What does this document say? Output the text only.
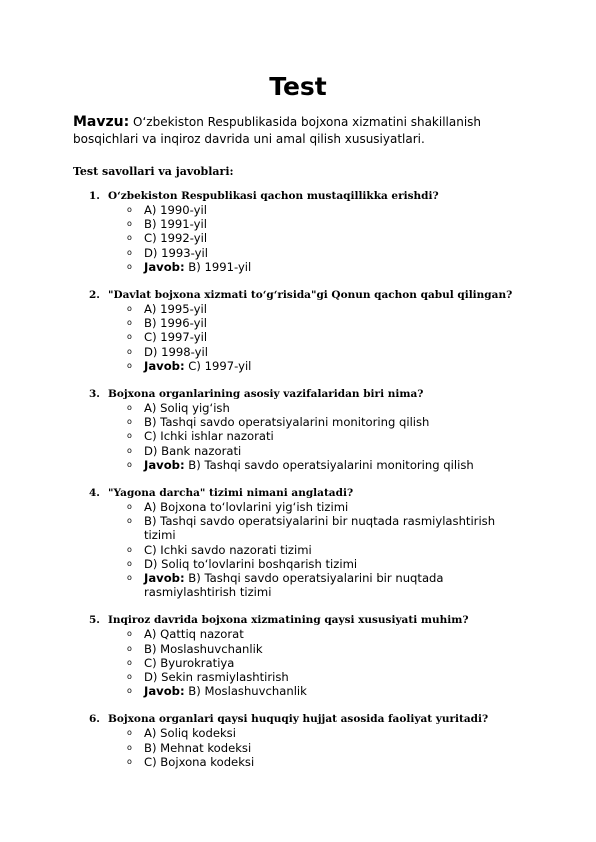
Test
Mavzu: O‘zbekiston Respublikasida bojxona xizmatini shakillanish bosqichlari va inqiroz davrida uni amal qilish xususiyatlari.
Test savollari va javoblari:
1. O‘zbekiston Respublikasi qachon mustaqillikka erishdi?
o A) 1990-yil
o B) 1991-yil
o C) 1992-yil
o D) 1993-yil
o Javob: B) 1991-yil
2. "Davlat bojxona xizmati to‘g‘risida"gi Qonun qachon qabul qilingan?
o A) 1995-yil
o B) 1996-yil
o C) 1997-yil
o D) 1998-yil
o Javob: C) 1997-yil
3. Bojxona organlarining asosiy vazifalaridan biri nima?
o A) Soliq yig‘ish
o B) Tashqi savdo operatsiyalarini monitoring qilish
o C) Ichki ishlar nazorati
o D) Bank nazorati
o Javob: B) Tashqi savdo operatsiyalarini monitoring qilish
4. "Yagona darcha" tizimi nimani anglatadi?
o A) Bojxona to‘lovlarini yig‘ish tizimi
o B) Tashqi savdo operatsiyalarini bir nuqtada rasmiylashtirish tizimi
o C) Ichki savdo nazorati tizimi
o D) Soliq to‘lovlarini boshqarish tizimi
o Javob: B) Tashqi savdo operatsiyalarini bir nuqtada rasmiylashtirish tizimi
5. Inqiroz davrida bojxona xizmatining qaysi xususiyati muhim?
o A) Qattiq nazorat
o B) Moslashuvchanlik
o C) Byurokratiya
o D) Sekin rasmiylashtirish
o Javob: B) Moslashuvchanlik
6. Bojxona organlari qaysi huquqiy hujjat asosida faoliyat yuritadi?
o A) Soliq kodeksi
o B) Mehnat kodeksi
o C) Bojxona kodeksi
